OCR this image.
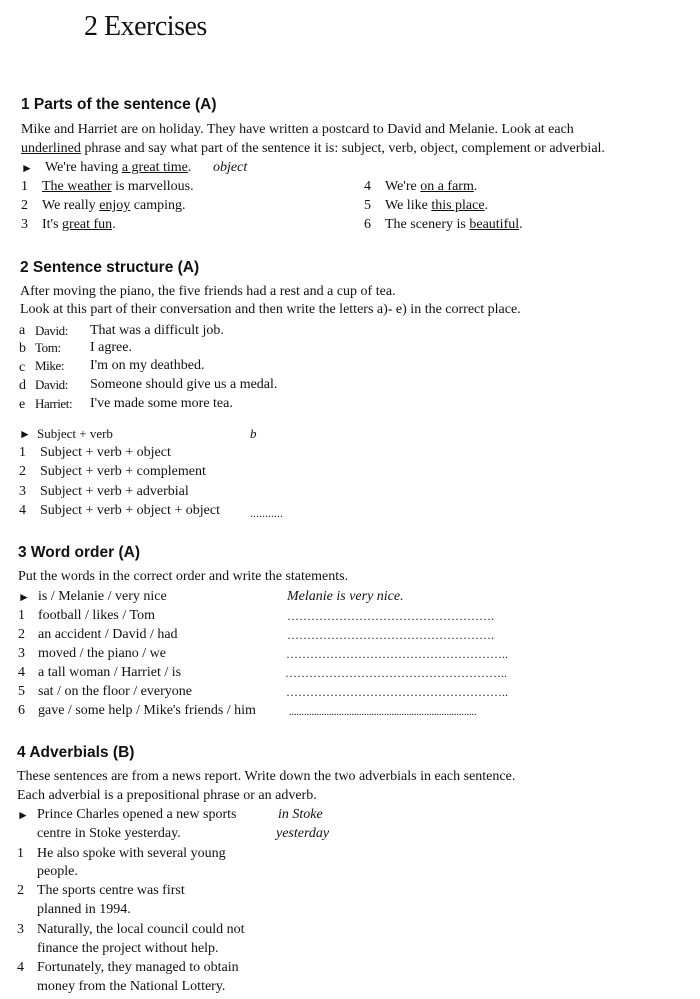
2 Exercises
1 Parts of the sentence (A)
Mike and Harriet are on holiday. They have written a postcard to David and Melanie. Look at each
underlined phrase and say what part of the sentence it is: subject, verb, object, complement or adverbial.
► We're having a great time. object
1 The weather is marvellous.
2 We really enjoy camping.
3 It's great fun.
4 We're on a farm.
5 We like this place.
6 The scenery is beautiful.
2 Sentence structure (A)
After moving the piano, the five friends had a rest and a cup of tea.
Look at this part of their conversation and then write the letters a)- e) in the correct place.
a David: That was a difficult job.
b Tom: I agree.
c Mike: I'm on my deathbed.
d David: Someone should give us a medal.
e Harriet: I've made some more tea.
► Subject + verb	b
1 Subject + verb + object
2 Subject + verb + complement
3 Subject + verb + adverbial
4 Subject + verb + object + object	...........
3 Word order (A)
Put the words in the correct order and write the statements.
► is / Melanie / very nice	Melanie is very nice.
1 football / likes / Tom	…………………………………………….
2 an accident / David / had	…………………………………………….
3 moved / the piano / we	………………………………………………..
4 a tall woman / Harriet / is	………………………………………………..
5 sat / on the floor / everyone	………………………………………………..
6 gave / some help / Mike's friends / him	...........................................................................
4 Adverbials (B)
These sentences are from a news report. Write down the two adverbials in each sentence.
Each adverbial is a prepositional phrase or an adverb.
► Prince Charles opened a new sports
centre in Stoke yesterday.
in Stoke
yesterday
1 He also spoke with several young
people.
2 The sports centre was first
planned in 1994.
3 Naturally, the local council could not
finance the project without help.
4 Fortunately, they managed to obtain
money from the National Lottery.
